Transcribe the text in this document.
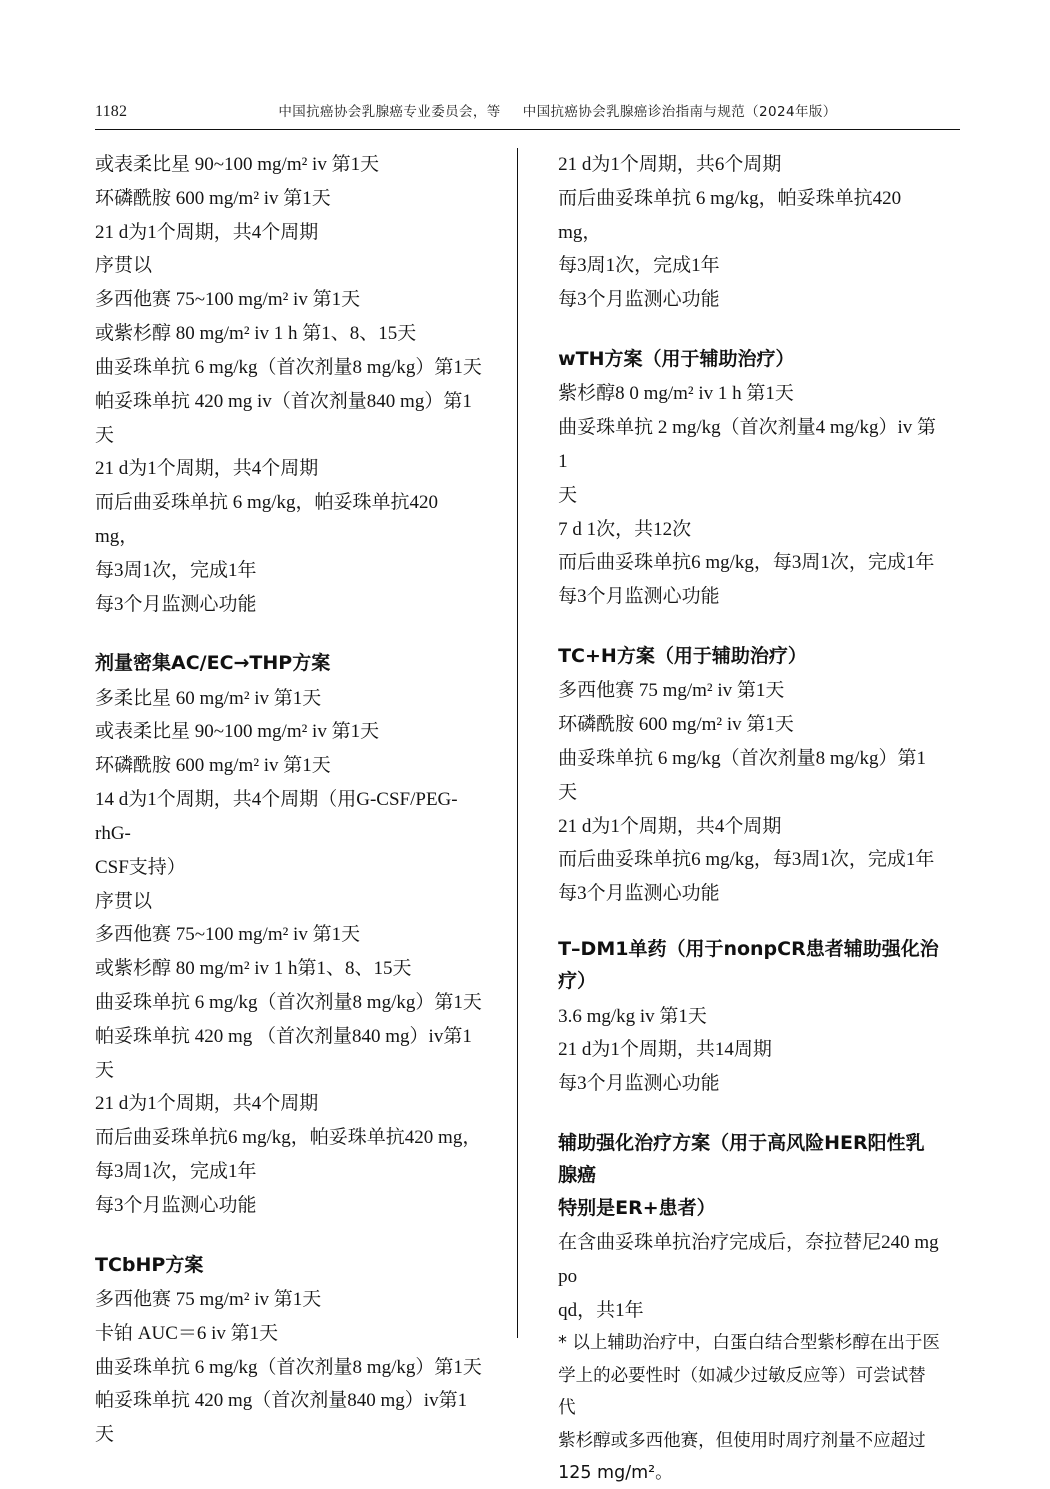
1182	中国抗癌协会乳腺癌专业委员会，等 中国抗癌协会乳腺癌诊治指南与规范（2024年版）
或表柔比星 90~100 mg/m² iv 第1天
环磷酰胺 600 mg/m² iv 第1天
21 d为1个周期，共4个周期
序贯以
多西他赛 75~100 mg/m² iv 第1天
或紫杉醇 80 mg/m² iv 1 h 第1、8、15天
曲妥珠单抗 6 mg/kg（首次剂量8 mg/kg）第1天
帕妥珠单抗 420 mg iv（首次剂量840 mg）第1天
21 d为1个周期，共4个周期
而后曲妥珠单抗 6 mg/kg，帕妥珠单抗420 mg，
每3周1次，完成1年
每3个月监测心功能
剂量密集AC/EC→THP方案
多柔比星 60 mg/m² iv 第1天
或表柔比星 90~100 mg/m² iv 第1天
环磷酰胺 600 mg/m² iv 第1天
14 d为1个周期，共4个周期（用G-CSF/PEG-rhG-
CSF支持）
序贯以
多西他赛 75~100 mg/m² iv 第1天
或紫杉醇 80 mg/m² iv 1 h第1、8、15天
曲妥珠单抗 6 mg/kg（首次剂量8 mg/kg）第1天
帕妥珠单抗 420 mg （首次剂量840 mg）iv第1天
21 d为1个周期，共4个周期
而后曲妥珠单抗6 mg/kg，帕妥珠单抗420 mg，
每3周1次，完成1年
每3个月监测心功能
TCbHP方案
多西他赛 75 mg/m² iv 第1天
卡铂 AUC＝6 iv 第1天
曲妥珠单抗 6 mg/kg（首次剂量8 mg/kg）第1天
帕妥珠单抗 420 mg（首次剂量840 mg）iv第1天
21 d为1个周期，共6个周期
而后曲妥珠单抗 6 mg/kg，帕妥珠单抗420 mg，
每3周1次，完成1年
每3个月监测心功能
wTH方案（用于辅助治疗）
紫杉醇8 0 mg/m² iv 1 h 第1天
曲妥珠单抗 2 mg/kg（首次剂量4 mg/kg）iv 第1
天
7 d 1次，共12次
而后曲妥珠单抗6 mg/kg，每3周1次，完成1年
每3个月监测心功能
TC+H方案（用于辅助治疗）
多西他赛 75 mg/m² iv 第1天
环磷酰胺 600 mg/m² iv 第1天
曲妥珠单抗 6 mg/kg（首次剂量8 mg/kg）第1天
21 d为1个周期，共4个周期
而后曲妥珠单抗6 mg/kg，每3周1次，完成1年
每3个月监测心功能
T–DM1单药（用于nonpCR患者辅助强化治疗）
3.6 mg/kg iv 第1天
21 d为1个周期，共14周期
每3个月监测心功能
辅助强化治疗方案（用于高风险HER阳性乳腺癌
特别是ER+患者）
在含曲妥珠单抗治疗完成后，奈拉替尼240 mg po
qd，共1年
* 以上辅助治疗中，白蛋白结合型紫杉醇在出于医
学上的必要性时（如减少过敏反应等）可尝试替代
紫杉醇或多西他赛，但使用时周疗剂量不应超过
125 mg/m²。
